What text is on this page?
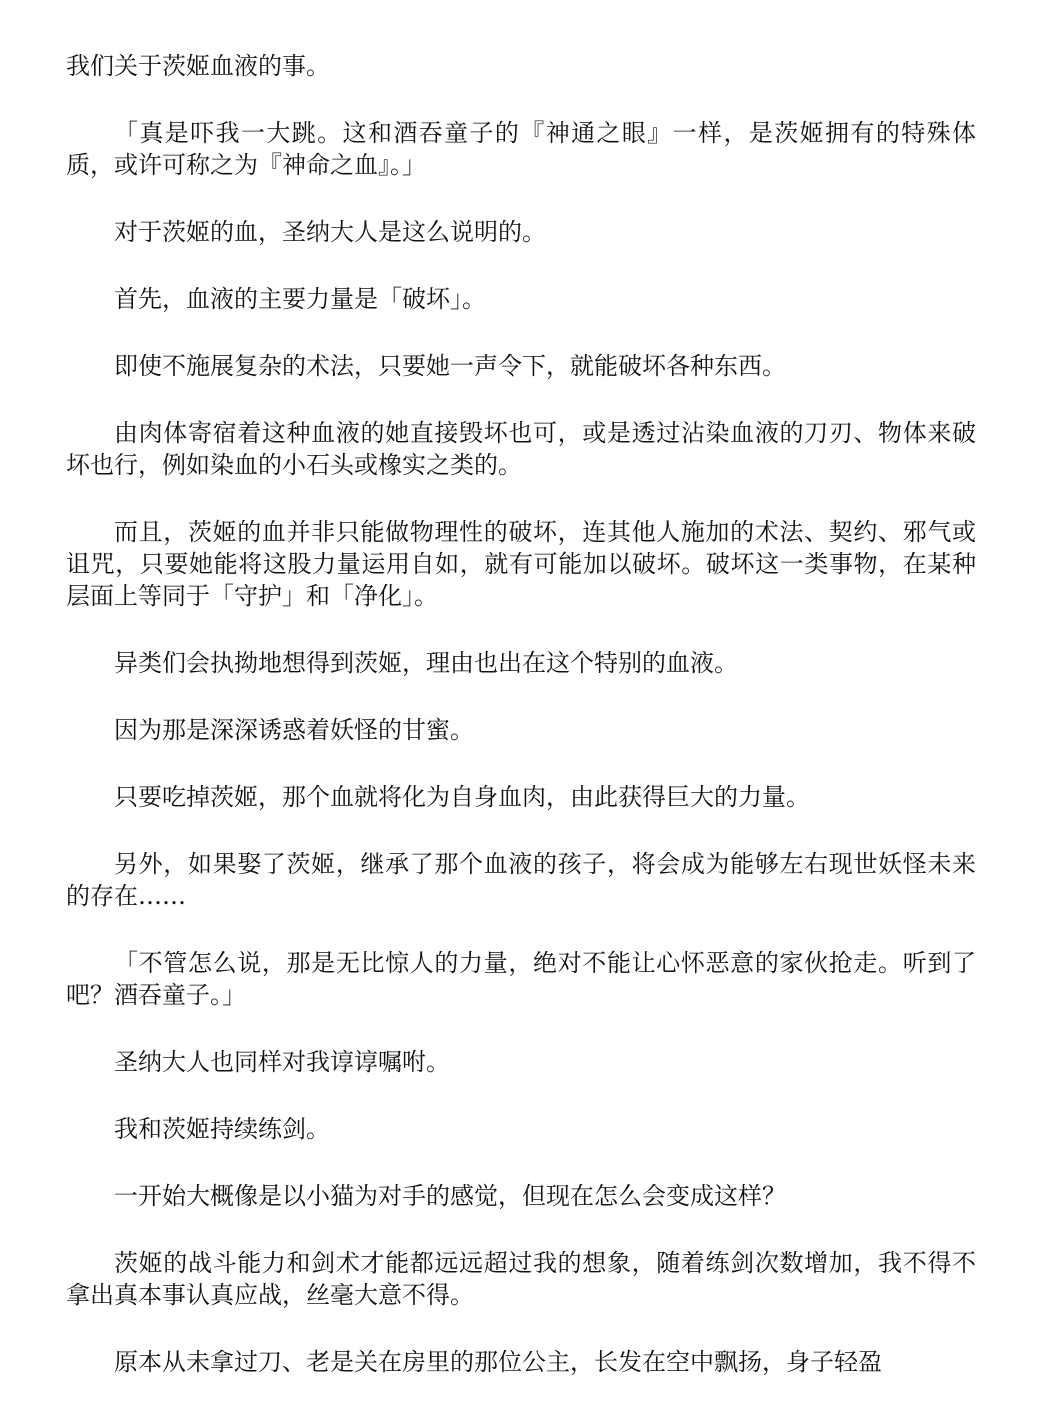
我们关于茨姬血液的事。

「真是吓我一大跳。这和酒吞童子的『神通之眼』一样，是茨姬拥有的特殊体质，或许可称之为『神命之血』。」

对于茨姬的血，圣纳大人是这么说明的。

首先，血液的主要力量是「破坏」。

即使不施展复杂的术法，只要她一声令下，就能破坏各种东西。

由肉体寄宿着这种血液的她直接毁坏也可，或是透过沾染血液的刀刃、物体来破坏也行，例如染血的小石头或橡实之类的。

而且，茨姬的血并非只能做物理性的破坏，连其他人施加的术法、契约、邪气或诅咒，只要她能将这股力量运用自如，就有可能加以破坏。破坏这一类事物，在某种层面上等同于「守护」和「净化」。

异类们会执拗地想得到茨姬，理由也出在这个特别的血液。

因为那是深深诱惑着妖怪的甘蜜。

只要吃掉茨姬，那个血就将化为自身血肉，由此获得巨大的力量。

另外，如果娶了茨姬，继承了那个血液的孩子，将会成为能够左右现世妖怪未来的存在……

「不管怎么说，那是无比惊人的力量，绝对不能让心怀恶意的家伙抢走。听到了吧？酒吞童子。」

圣纳大人也同样对我谆谆嘱咐。

我和茨姬持续练剑。

一开始大概像是以小猫为对手的感觉，但现在怎么会变成这样？

茨姬的战斗能力和剑术才能都远远超过我的想象，随着练剑次数增加，我不得不拿出真本事认真应战，丝毫大意不得。

原本从未拿过刀、老是关在房里的那位公主，长发在空中飘扬，身子轻盈
